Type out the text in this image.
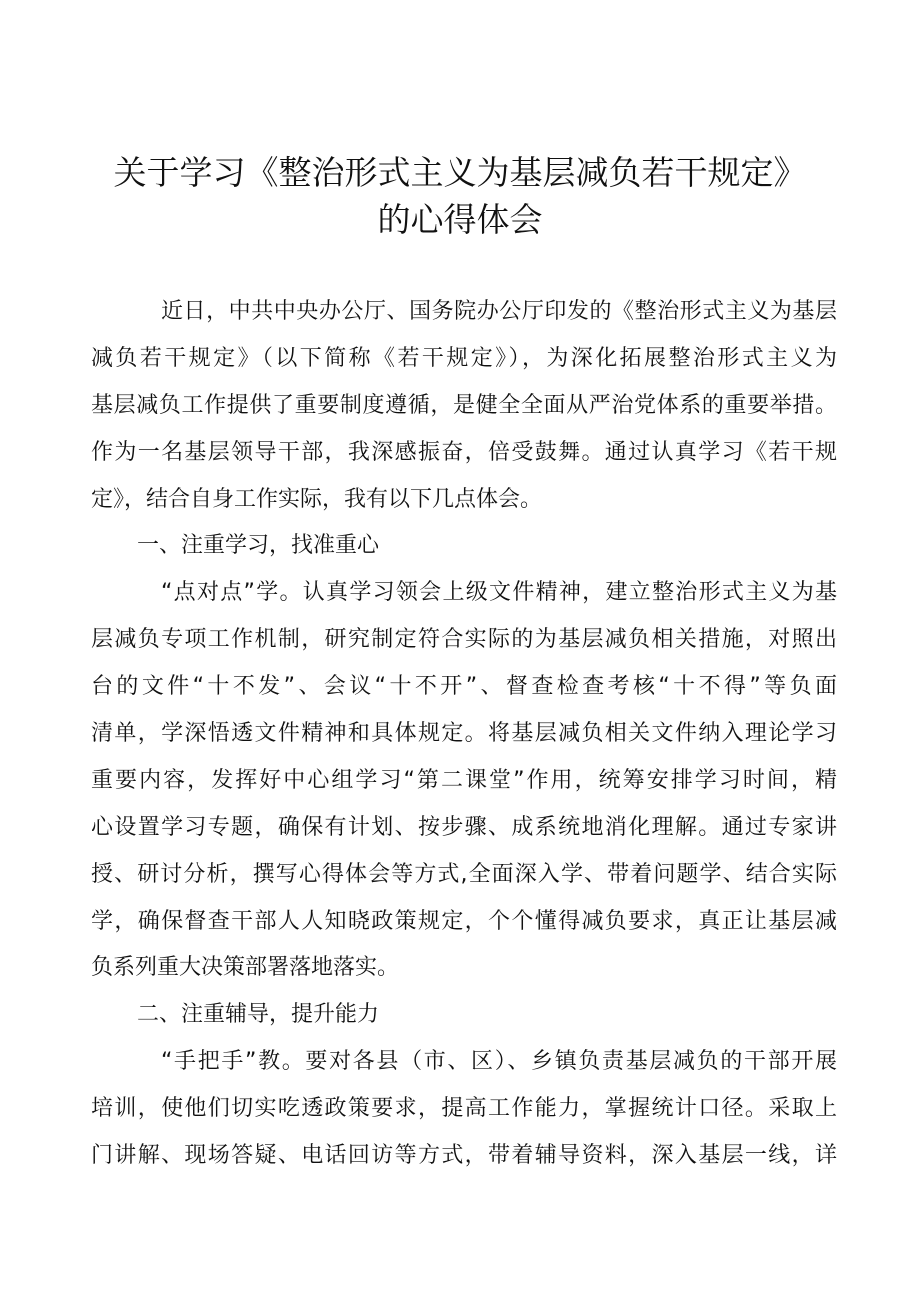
关于学习《整治形式主义为基层减负若干规定》
的心得体会
近日，中共中央办公厅、国务院办公厅印发的《整治形式主义为基层
减负若干规定》（以下简称《若干规定》），为深化拓展整治形式主义为
基层减负工作提供了重要制度遵循，是健全全面从严治党体系的重要举措。
作为一名基层领导干部，我深感振奋，倍受鼓舞。通过认真学习《若干规
定》，结合自身工作实际，我有以下几点体会。
一、注重学习，找准重心
“点对点”学。认真学习领会上级文件精神，建立整治形式主义为基
层减负专项工作机制，研究制定符合实际的为基层减负相关措施，对照出
台的文件“十不发”、会议“十不开”、督查检查考核“十不得”等负面
清单，学深悟透文件精神和具体规定。将基层减负相关文件纳入理论学习
重要内容，发挥好中心组学习“第二课堂”作用，统筹安排学习时间，精
心设置学习专题，确保有计划、按步骤、成系统地消化理解。通过专家讲
授、研讨分析，撰写心得体会等方式,全面深入学、带着问题学、结合实际
学，确保督查干部人人知晓政策规定，个个懂得减负要求，真正让基层减
负系列重大决策部署落地落实。
二、注重辅导，提升能力
“手把手”教。要对各县（市、区）、乡镇负责基层减负的干部开展
培训，使他们切实吃透政策要求，提高工作能力，掌握统计口径。采取上
门讲解、现场答疑、电话回访等方式，带着辅导资料，深入基层一线，详
